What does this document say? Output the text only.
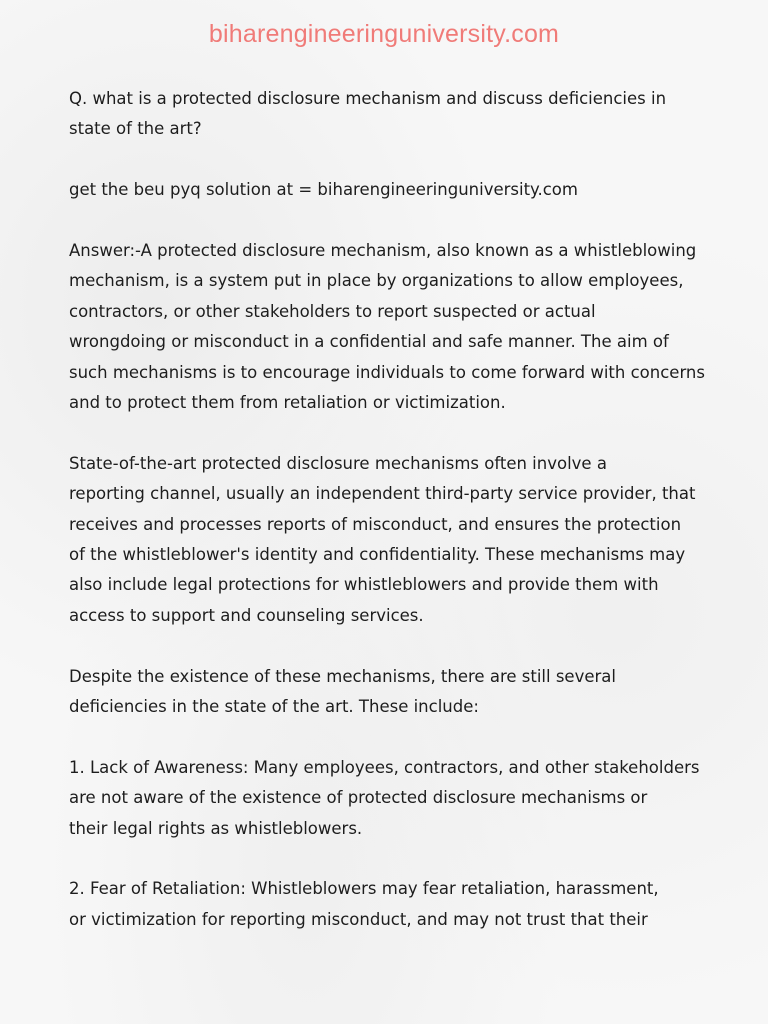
biharengineeringuniversity.com

Q. what is a protected disclosure mechanism and discuss deficiencies in
state of the art?

get the beu pyq solution at = biharengineeringuniversity.com

Answer:-A protected disclosure mechanism, also known as a whistleblowing
mechanism, is a system put in place by organizations to allow employees,
contractors, or other stakeholders to report suspected or actual
wrongdoing or misconduct in a confidential and safe manner. The aim of
such mechanisms is to encourage individuals to come forward with concerns
and to protect them from retaliation or victimization.

State-of-the-art protected disclosure mechanisms often involve a
reporting channel, usually an independent third-party service provider, that
receives and processes reports of misconduct, and ensures the protection
of the whistleblower's identity and confidentiality. These mechanisms may
also include legal protections for whistleblowers and provide them with
access to support and counseling services.

Despite the existence of these mechanisms, there are still several
deficiencies in the state of the art. These include:

1. Lack of Awareness: Many employees, contractors, and other stakeholders
are not aware of the existence of protected disclosure mechanisms or
their legal rights as whistleblowers.

2. Fear of Retaliation: Whistleblowers may fear retaliation, harassment,
or victimization for reporting misconduct, and may not trust that their
